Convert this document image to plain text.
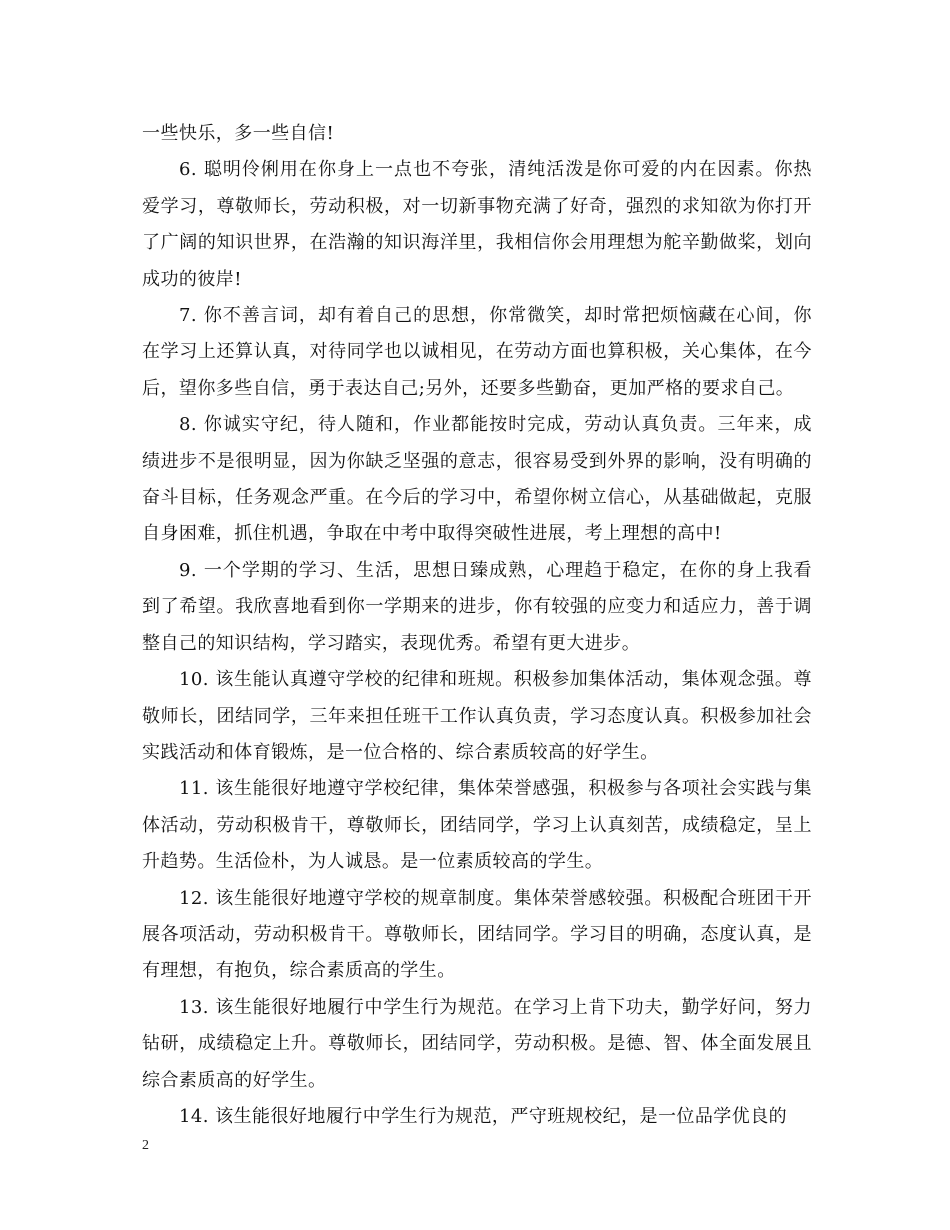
一些快乐，多一些自信!

6. 聪明伶俐用在你身上一点也不夸张，清纯活泼是你可爱的内在因素。你热爱学习，尊敬师长，劳动积极，对一切新事物充满了好奇，强烈的求知欲为你打开了广阔的知识世界，在浩瀚的知识海洋里，我相信你会用理想为舵辛勤做桨，划向成功的彼岸!

7. 你不善言词，却有着自己的思想，你常微笑，却时常把烦恼藏在心间，你在学习上还算认真，对待同学也以诚相见，在劳动方面也算积极，关心集体，在今后，望你多些自信，勇于表达自己;另外，还要多些勤奋，更加严格的要求自己。

8. 你诚实守纪，待人随和，作业都能按时完成，劳动认真负责。三年来，成绩进步不是很明显，因为你缺乏坚强的意志，很容易受到外界的影响，没有明确的奋斗目标，任务观念严重。在今后的学习中，希望你树立信心，从基础做起，克服自身困难，抓住机遇，争取在中考中取得突破性进展，考上理想的高中!

9. 一个学期的学习、生活，思想日臻成熟，心理趋于稳定，在你的身上我看到了希望。我欣喜地看到你一学期来的进步，你有较强的应变力和适应力，善于调整自己的知识结构，学习踏实，表现优秀。希望有更大进步。

10. 该生能认真遵守学校的纪律和班规。积极参加集体活动，集体观念强。尊敬师长，团结同学，三年来担任班干工作认真负责，学习态度认真。积极参加社会实践活动和体育锻炼，是一位合格的、综合素质较高的好学生。

11. 该生能很好地遵守学校纪律，集体荣誉感强，积极参与各项社会实践与集体活动，劳动积极肯干，尊敬师长，团结同学，学习上认真刻苦，成绩稳定，呈上升趋势。生活俭朴，为人诚恳。是一位素质较高的学生。

12. 该生能很好地遵守学校的规章制度。集体荣誉感较强。积极配合班团干开展各项活动，劳动积极肯干。尊敬师长，团结同学。学习目的明确，态度认真，是有理想，有抱负，综合素质高的学生。

13. 该生能很好地履行中学生行为规范。在学习上肯下功夫，勤学好问，努力钻研，成绩稳定上升。尊敬师长，团结同学，劳动积极。是德、智、体全面发展且综合素质高的好学生。

14. 该生能很好地履行中学生行为规范，严守班规校纪，是一位品学优良的

2
